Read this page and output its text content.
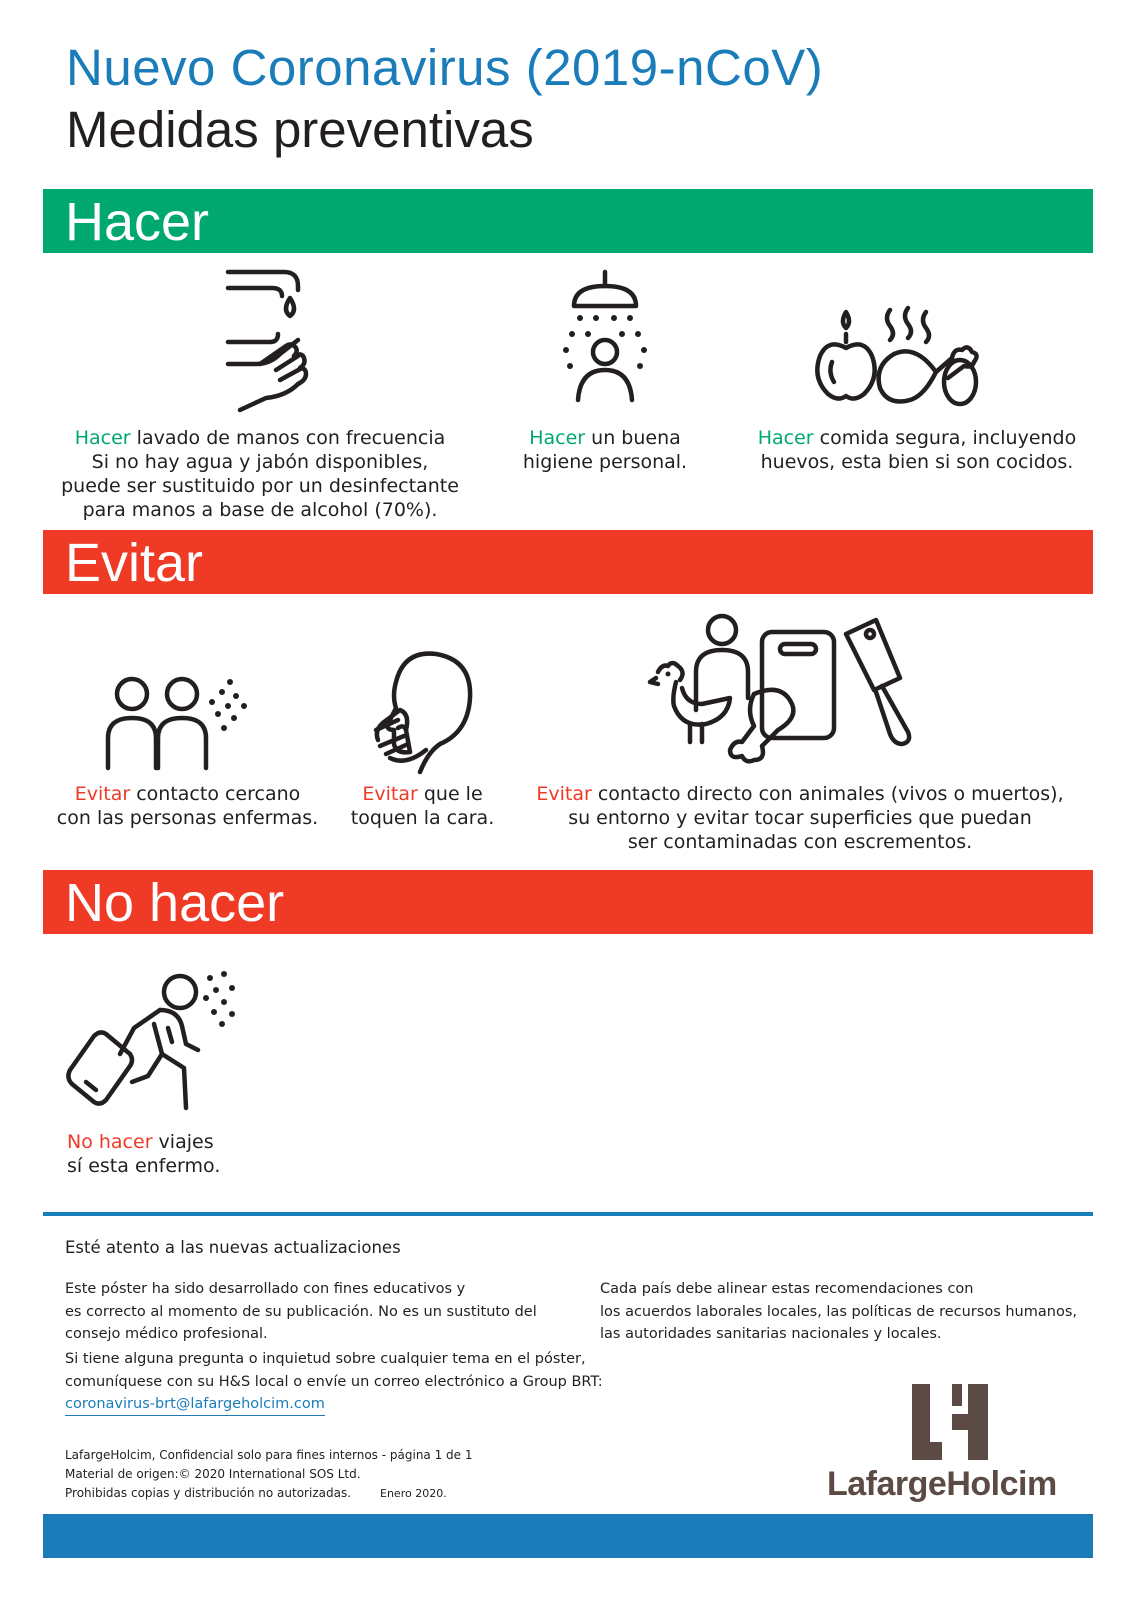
Nuevo Coronavirus (2019-nCoV)
Medidas preventivas
Hacer
Hacer lavado de manos con frecuencia
Si no hay agua y jabón disponibles,
puede ser sustituido por un desinfectante
para manos a base de alcohol (70%).
Hacer un buena
higiene personal.
Hacer comida segura, incluyendo
huevos, esta bien si son cocidos.
Evitar
Evitar contacto cercano
con las personas enfermas.
Evitar que le
toquen la cara.
Evitar contacto directo con animales (vivos o muertos),
su entorno y evitar tocar superficies que puedan
ser contaminadas con escrementos.
No hacer
No hacer viajes
sí esta enfermo.
Esté atento a las nuevas actualizaciones
Este póster ha sido desarrollado con fines educativos y
es correcto al momento de su publicación. No es un sustituto del
consejo médico profesional.
Si tiene alguna pregunta o inquietud sobre cualquier tema en el póster,
comuníquese con su H&S local o envíe un correo electrónico a Group BRT:
coronavirus-brt@lafargeholcim.com
Cada país debe alinear estas recomendaciones con
los acuerdos laborales locales, las políticas de recursos humanos,
las autoridades sanitarias nacionales y locales.
LafargeHolcim, Confidencial solo para fines internos - página 1 de 1
Material de origen:© 2020 International SOS Ltd.
Prohibidas copias y distribución no autorizadas.	Enero 2020.	LafargeHolcim
